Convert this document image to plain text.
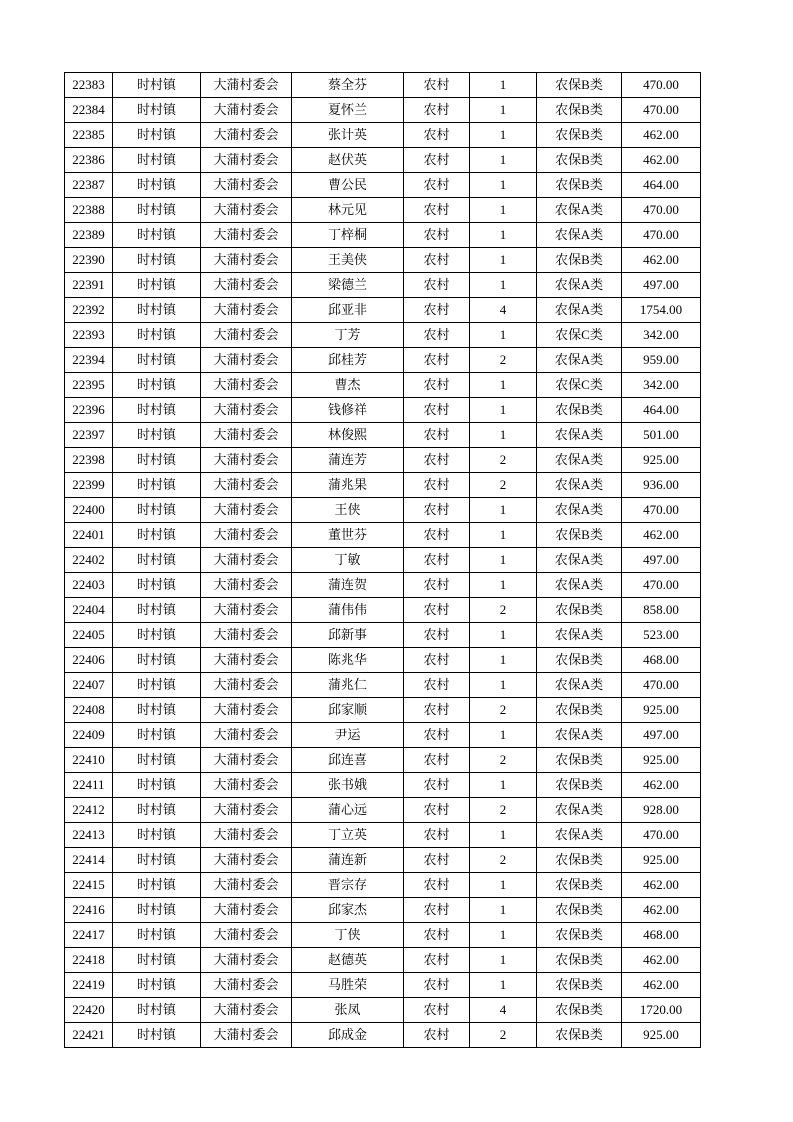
22383	时村镇	大蒲村委会	蔡全芬	农村	1	农保B类	470.00
22384	时村镇	大蒲村委会	夏怀兰	农村	1	农保B类	470.00
22385	时村镇	大蒲村委会	张计英	农村	1	农保B类	462.00
22386	时村镇	大蒲村委会	赵伏英	农村	1	农保B类	462.00
22387	时村镇	大蒲村委会	曹公民	农村	1	农保B类	464.00
22388	时村镇	大蒲村委会	林元见	农村	1	农保A类	470.00
22389	时村镇	大蒲村委会	丁梓桐	农村	1	农保A类	470.00
22390	时村镇	大蒲村委会	王美侠	农村	1	农保B类	462.00
22391	时村镇	大蒲村委会	梁德兰	农村	1	农保A类	497.00
22392	时村镇	大蒲村委会	邱亚非	农村	4	农保A类	1754.00
22393	时村镇	大蒲村委会	丁芳	农村	1	农保C类	342.00
22394	时村镇	大蒲村委会	邱桂芳	农村	2	农保A类	959.00
22395	时村镇	大蒲村委会	曹杰	农村	1	农保C类	342.00
22396	时村镇	大蒲村委会	钱修祥	农村	1	农保B类	464.00
22397	时村镇	大蒲村委会	林俊熙	农村	1	农保A类	501.00
22398	时村镇	大蒲村委会	蒲连芳	农村	2	农保A类	925.00
22399	时村镇	大蒲村委会	蒲兆果	农村	2	农保A类	936.00
22400	时村镇	大蒲村委会	王侠	农村	1	农保A类	470.00
22401	时村镇	大蒲村委会	董世芬	农村	1	农保B类	462.00
22402	时村镇	大蒲村委会	丁敏	农村	1	农保A类	497.00
22403	时村镇	大蒲村委会	蒲连贺	农村	1	农保A类	470.00
22404	时村镇	大蒲村委会	蒲伟伟	农村	2	农保B类	858.00
22405	时村镇	大蒲村委会	邱新事	农村	1	农保A类	523.00
22406	时村镇	大蒲村委会	陈兆华	农村	1	农保B类	468.00
22407	时村镇	大蒲村委会	蒲兆仁	农村	1	农保A类	470.00
22408	时村镇	大蒲村委会	邱家顺	农村	2	农保B类	925.00
22409	时村镇	大蒲村委会	尹运	农村	1	农保A类	497.00
22410	时村镇	大蒲村委会	邱连喜	农村	2	农保B类	925.00
22411	时村镇	大蒲村委会	张书娥	农村	1	农保B类	462.00
22412	时村镇	大蒲村委会	蒲心远	农村	2	农保A类	928.00
22413	时村镇	大蒲村委会	丁立英	农村	1	农保A类	470.00
22414	时村镇	大蒲村委会	蒲连新	农村	2	农保B类	925.00
22415	时村镇	大蒲村委会	晋宗存	农村	1	农保B类	462.00
22416	时村镇	大蒲村委会	邱家杰	农村	1	农保B类	462.00
22417	时村镇	大蒲村委会	丁侠	农村	1	农保B类	468.00
22418	时村镇	大蒲村委会	赵德英	农村	1	农保B类	462.00
22419	时村镇	大蒲村委会	马胜荣	农村	1	农保B类	462.00
22420	时村镇	大蒲村委会	张凤	农村	4	农保B类	1720.00
22421	时村镇	大蒲村委会	邱成金	农村	2	农保B类	925.00
